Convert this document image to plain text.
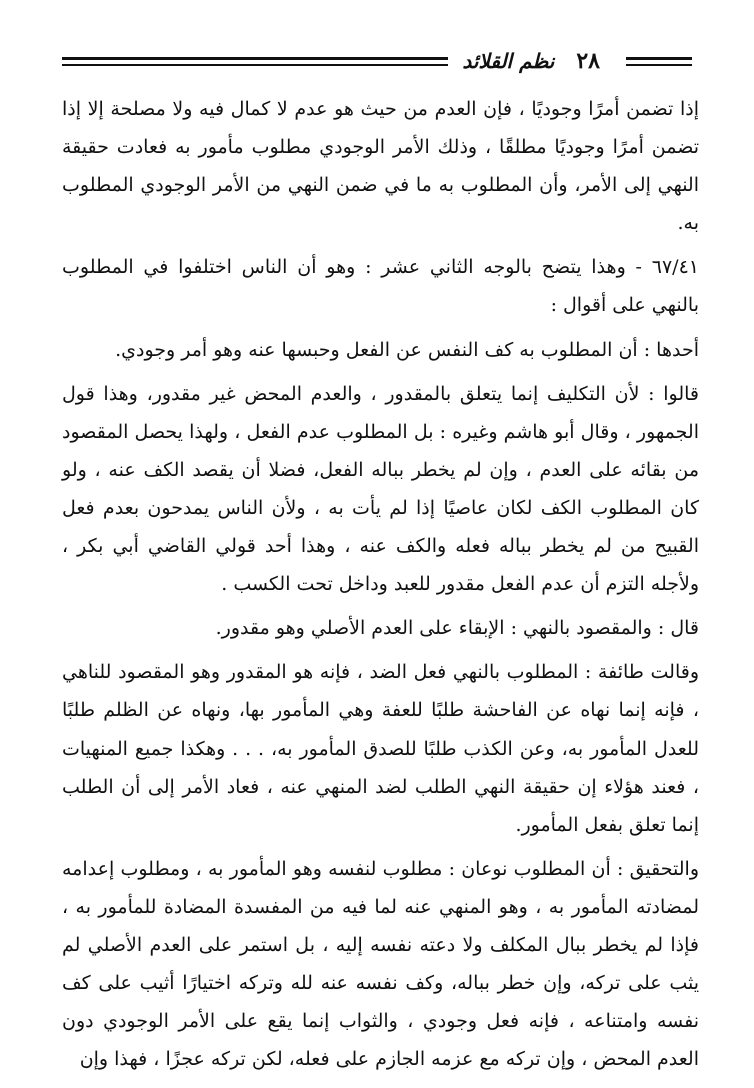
٢٨
نظم القلائد

إذا تضمن أمرًا وجوديًا ، فإن العدم من حيث هو عدم لا كمال فيه ولا مصلحة إلا إذا تضمن أمرًا وجوديًا مطلقًا ، وذلك الأمر الوجودي مطلوب مأمور به فعادت حقيقة النهي إلى الأمر، وأن المطلوب به ما في ضمن النهي من الأمر الوجودي المطلوب به.

٦٧/٤١ - وهذا يتضح بالوجه الثاني عشر : وهو أن الناس اختلفوا في المطلوب بالنهي على أقوال :

أحدها : أن المطلوب به كف النفس عن الفعل وحبسها عنه وهو أمر وجودي.

قالوا : لأن التكليف إنما يتعلق بالمقدور ، والعدم المحض غير مقدور، وهذا قول الجمهور ، وقال أبو هاشم وغيره : بل المطلوب عدم الفعل ، ولهذا يحصل المقصود من بقائه على العدم ، وإن لم يخطر بباله الفعل، فضلا أن يقصد الكف عنه ، ولو كان المطلوب الكف لكان عاصيًا إذا لم يأت به ، ولأن الناس يمدحون بعدم فعل القبيح من لم يخطر بباله فعله والكف عنه ، وهذا أحد قولي القاضي أبي بكر ، ولأجله التزم أن عدم الفعل مقدور للعبد وداخل تحت الكسب .

قال : والمقصود بالنهي : الإبقاء على العدم الأصلي وهو مقدور.

وقالت طائفة : المطلوب بالنهي فعل الضد ، فإنه هو المقدور وهو المقصود للناهي ، فإنه إنما نهاه عن الفاحشة طلبًا للعفة وهي المأمور بها، ونهاه عن الظلم طلبًا للعدل المأمور به، وعن الكذب طلبًا للصدق المأمور به، . . . وهكذا جميع المنهيات ، فعند هؤلاء إن حقيقة النهي الطلب لضد المنهي عنه ، فعاد الأمر إلى أن الطلب إنما تعلق بفعل المأمور.

والتحقيق : أن المطلوب نوعان : مطلوب لنفسه وهو المأمور به ، ومطلوب إعدامه لمضادته المأمور به ، وهو المنهي عنه لما فيه من المفسدة المضادة للمأمور به ، فإذا لم يخطر ببال المكلف ولا دعته نفسه إليه ، بل استمر على العدم الأصلي لم يثب على تركه، وإن خطر بباله، وكف نفسه عنه لله وتركه اختيارًا أثيب على كف نفسه وامتناعه ، فإنه فعل وجودي ، والثواب إنما يقع على الأمر الوجودي دون العدم المحض ، وإن تركه مع عزمه الجازم على فعله، لكن تركه عجزًا ، فهذا وإن
